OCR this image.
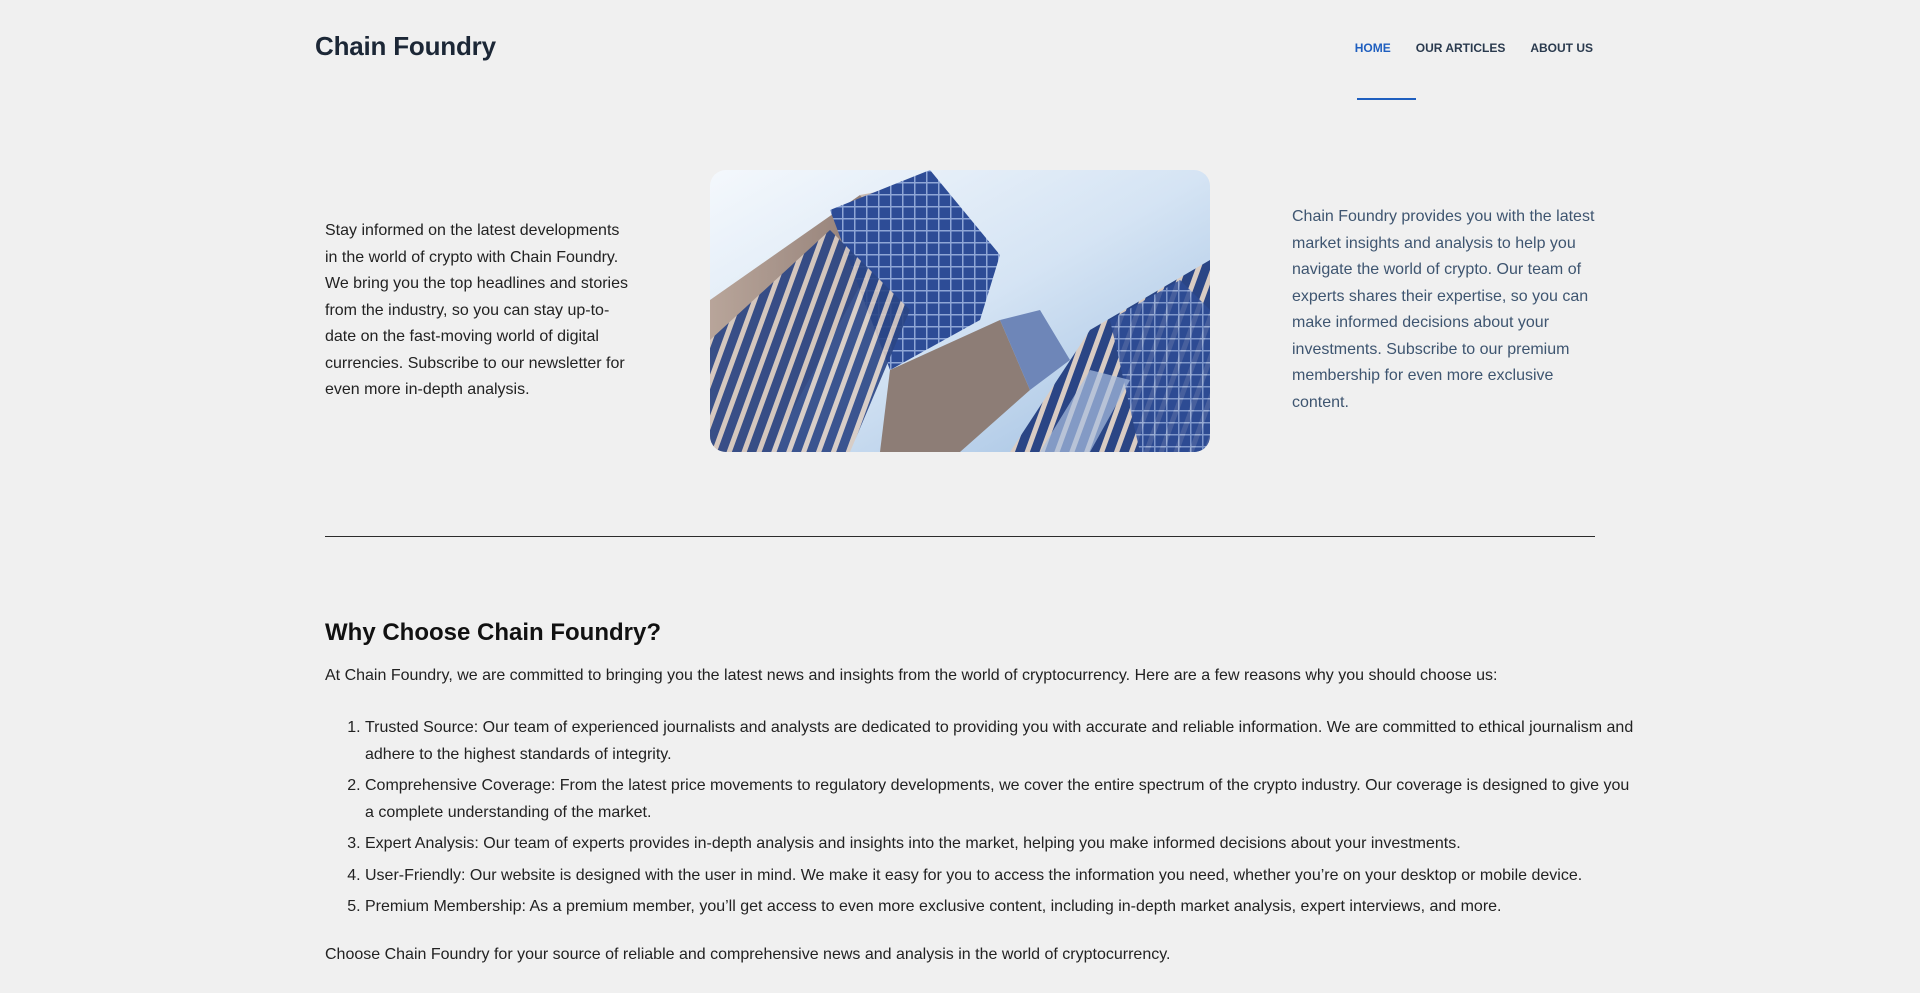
Chain Foundry	HOME OUR ARTICLES ABOUT US

Stay informed on the latest developments in the world of crypto with Chain Foundry. We bring you the top headlines and stories from the industry, so you can stay up-to-date on the fast-moving world of digital currencies. Subscribe to our newsletter for even more in-depth analysis.

Chain Foundry provides you with the latest market insights and analysis to help you navigate the world of crypto. Our team of experts shares their expertise, so you can make informed decisions about your investments. Subscribe to our premium membership for even more exclusive content.

Why Choose Chain Foundry?

At Chain Foundry, we are committed to bringing you the latest news and insights from the world of cryptocurrency. Here are a few reasons why you should choose us:

1. Trusted Source: Our team of experienced journalists and analysts are dedicated to providing you with accurate and reliable information. We are committed to ethical journalism and adhere to the highest standards of integrity.
2. Comprehensive Coverage: From the latest price movements to regulatory developments, we cover the entire spectrum of the crypto industry. Our coverage is designed to give you a complete understanding of the market.
3. Expert Analysis: Our team of experts provides in-depth analysis and insights into the market, helping you make informed decisions about your investments.
4. User-Friendly: Our website is designed with the user in mind. We make it easy for you to access the information you need, whether you’re on your desktop or mobile device.
5. Premium Membership: As a premium member, you’ll get access to even more exclusive content, including in-depth market analysis, expert interviews, and more.

Choose Chain Foundry for your source of reliable and comprehensive news and analysis in the world of cryptocurrency.
